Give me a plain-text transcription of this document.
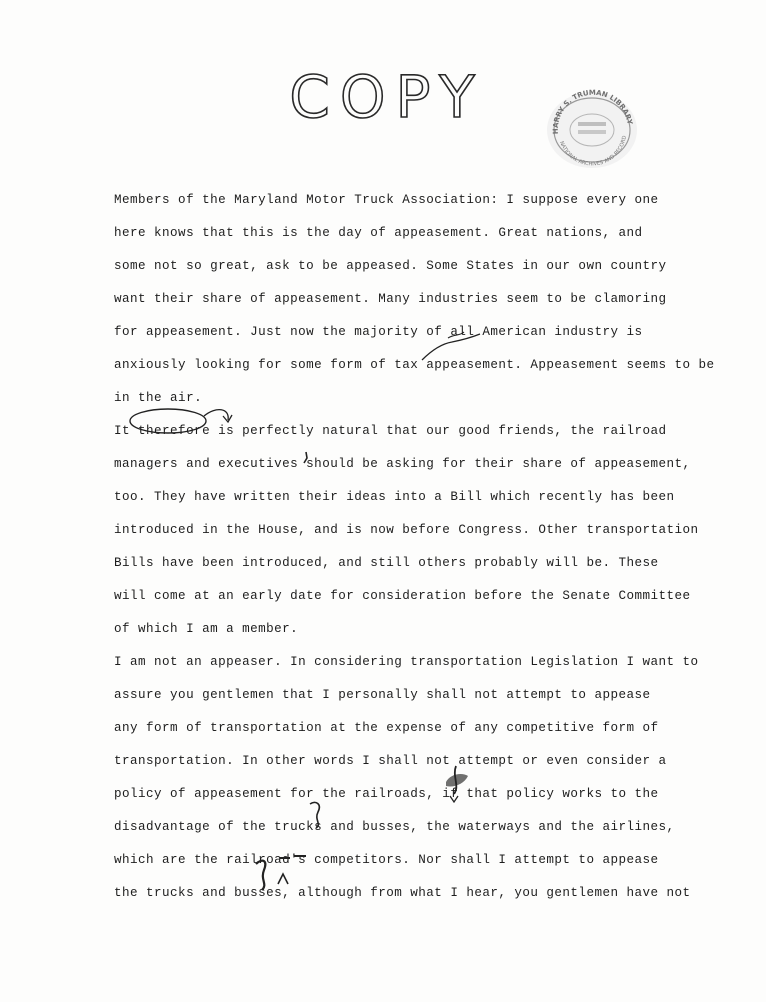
COPY
HARRY S. TRUMAN LIBRARY
NATIONAL ARCHIVES AND RECORD
Members of the Maryland Motor Truck Association: I suppose every one
here knows that this is the day of appeasement. Great nations, and
some not so great, ask to be appeased. Some States in our own country
want their share of appeasement. Many industries seem to be clamoring
for appeasement. Just now the majority of all American industry is
anxiously looking for some form of tax appeasement. Appeasement seems to be
in the air.
It therefore is perfectly natural that our good friends, the railroad
managers and executives should be asking for their share of appeasement,
too. They have written their ideas into a Bill which recently has been
introduced in the House, and is now before Congress. Other transportation
Bills have been introduced, and still others probably will be. These
will come at an early date for consideration before the Senate Committee
of which I am a member.
I am not an appeaser. In considering transportation Legislation I want to
assure you gentlemen that I personally shall not attempt to appease
any form of transportation at the expense of any competitive form of
transportation. In other words I shall not attempt or even consider a
policy of appeasement for the railroads, if that policy works to the
disadvantage of the trucks and busses, the waterways and the airlines,
which are the railroad's competitors. Nor shall I attempt to appease
the trucks and busses, although from what I hear, you gentlemen have not
